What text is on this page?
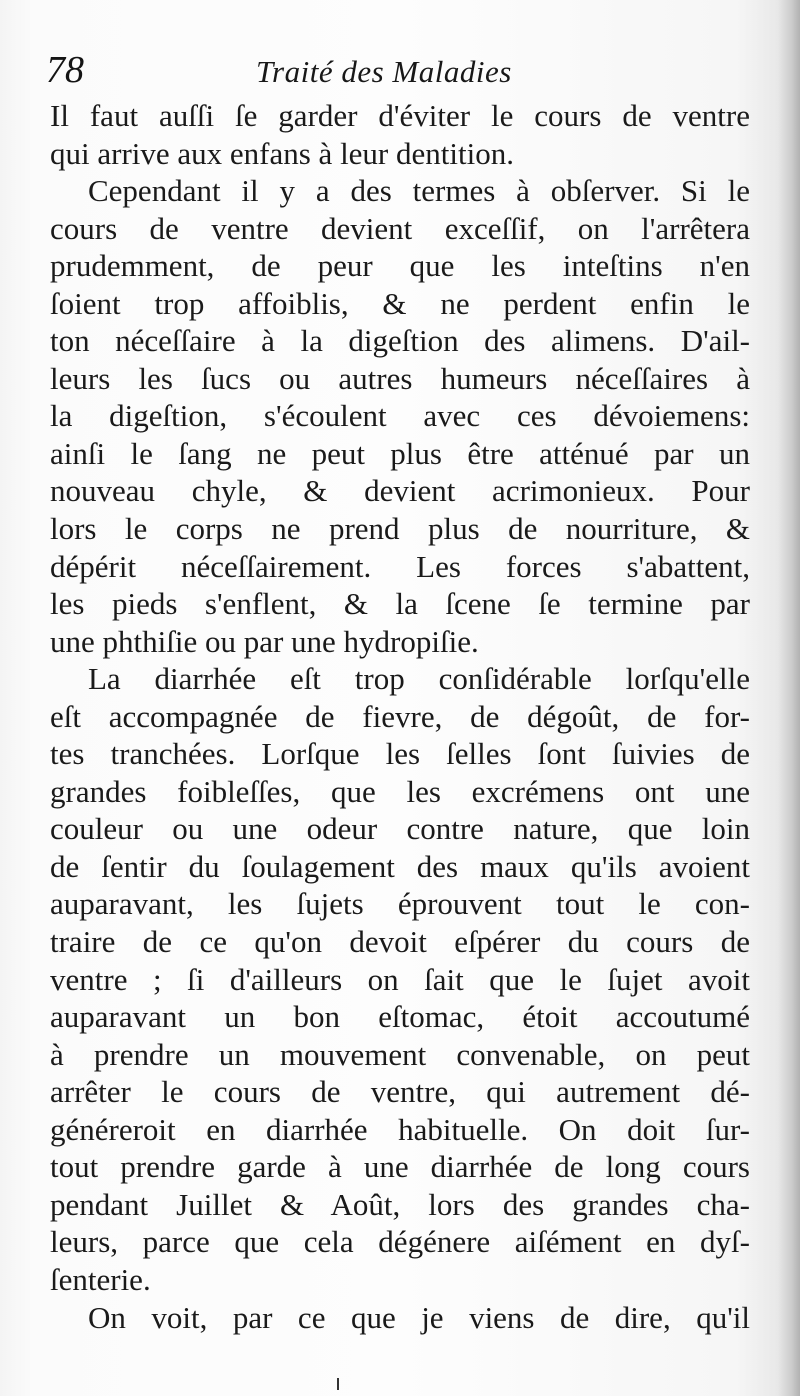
78	Traité des Maladies
Il faut auſſi ſe garder d'éviter le cours de ventre
qui arrive aux enfans à leur dentition.
Cependant il y a des termes à obſerver. Si le
cours de ventre devient exceſſif, on l'arrêtera
prudemment, de peur que les inteſtins n'en
ſoient trop affoiblis, & ne perdent enfin le
ton néceſſaire à la digeſtion des alimens. D'ail-
leurs les ſucs ou autres humeurs néceſſaires à
la digeſtion, s'écoulent avec ces dévoiemens:
ainſi le ſang ne peut plus être atténué par un
nouveau chyle, & devient acrimonieux. Pour
lors le corps ne prend plus de nourriture, &
dépérit néceſſairement. Les forces s'abattent,
les pieds s'enflent, & la ſcene ſe termine par
une phthiſie ou par une hydropiſie.
La diarrhée eſt trop conſidérable lorſqu'elle
eſt accompagnée de fievre, de dégoût, de for-
tes tranchées. Lorſque les ſelles ſont ſuivies de
grandes foibleſſes, que les excrémens ont une
couleur ou une odeur contre nature, que loin
de ſentir du ſoulagement des maux qu'ils avoient
auparavant, les ſujets éprouvent tout le con-
traire de ce qu'on devoit eſpérer du cours de
ventre ; ſi d'ailleurs on ſait que le ſujet avoit
auparavant un bon eſtomac, étoit accoutumé
à prendre un mouvement convenable, on peut
arrêter le cours de ventre, qui autrement dé-
généreroit en diarrhée habituelle. On doit ſur-
tout prendre garde à une diarrhée de long cours
pendant Juillet & Août, lors des grandes cha-
leurs, parce que cela dégénere aiſément en dyſ-
ſenterie.
On voit, par ce que je viens de dire, qu'il
